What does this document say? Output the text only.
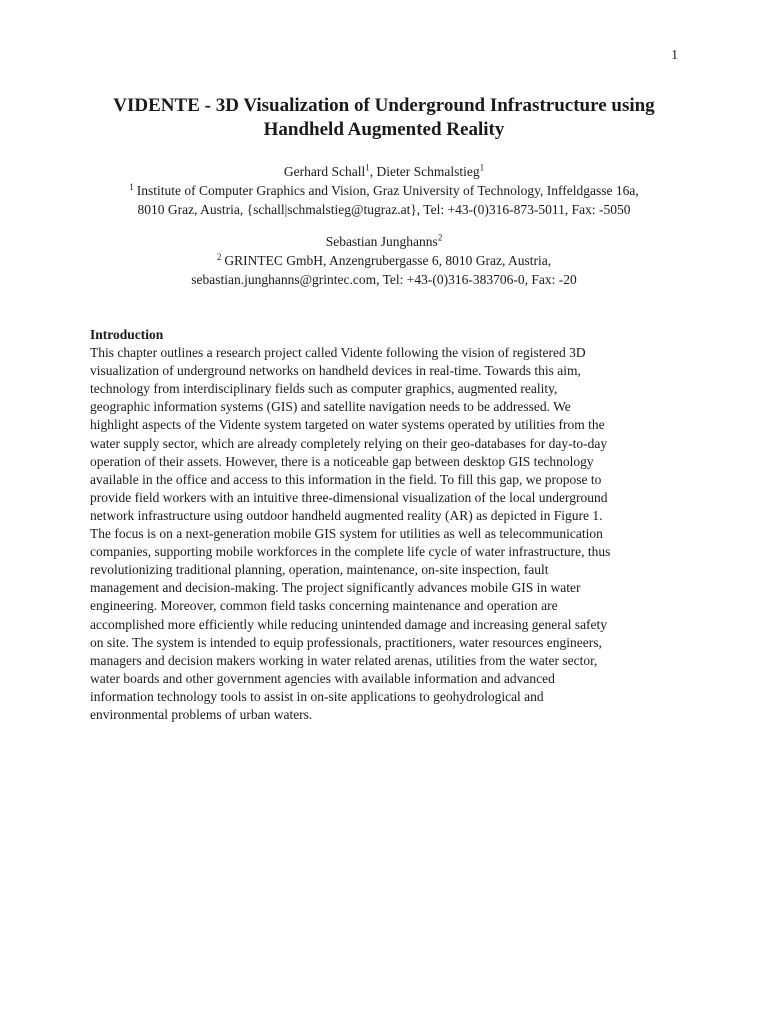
1
VIDENTE - 3D Visualization of Underground Infrastructure using
Handheld Augmented Reality
Gerhard Schall$^1$, Dieter Schmalstieg$^1$
$^1$ Institute of Computer Graphics and Vision, Graz University of Technology, Inffeldgasse 16a,
8010 Graz, Austria, {schall|schmalstieg@tugraz.at}, Tel: +43-(0)316-873-5011, Fax: -5050
Sebastian Junghanns$^2$
$^2$ GRINTEC GmbH, Anzengrubergasse 6, 8010 Graz, Austria,
sebastian.junghanns@grintec.com, Tel: +43-(0)316-383706-0, Fax: -20
Introduction
This chapter outlines a research project called Vidente following the vision of registered 3D
visualization of underground networks on handheld devices in real-time. Towards this aim,
technology from interdisciplinary fields such as computer graphics, augmented reality,
geographic information systems (GIS) and satellite navigation needs to be addressed. We
highlight aspects of the Vidente system targeted on water systems operated by utilities from the
water supply sector, which are already completely relying on their geo-databases for day-to-day
operation of their assets. However, there is a noticeable gap between desktop GIS technology
available in the office and access to this information in the field. To fill this gap, we propose to
provide field workers with an intuitive three-dimensional visualization of the local underground
network infrastructure using outdoor handheld augmented reality (AR) as depicted in Figure 1.
The focus is on a next-generation mobile GIS system for utilities as well as telecommunication
companies, supporting mobile workforces in the complete life cycle of water infrastructure, thus
revolutionizing traditional planning, operation, maintenance, on-site inspection, fault
management and decision-making. The project significantly advances mobile GIS in water
engineering. Moreover, common field tasks concerning maintenance and operation are
accomplished more efficiently while reducing unintended damage and increasing general safety
on site. The system is intended to equip professionals, practitioners, water resources engineers,
managers and decision makers working in water related arenas, utilities from the water sector,
water boards and other government agencies with available information and advanced
information technology tools to assist in on-site applications to geohydrological and
environmental problems of urban waters.
